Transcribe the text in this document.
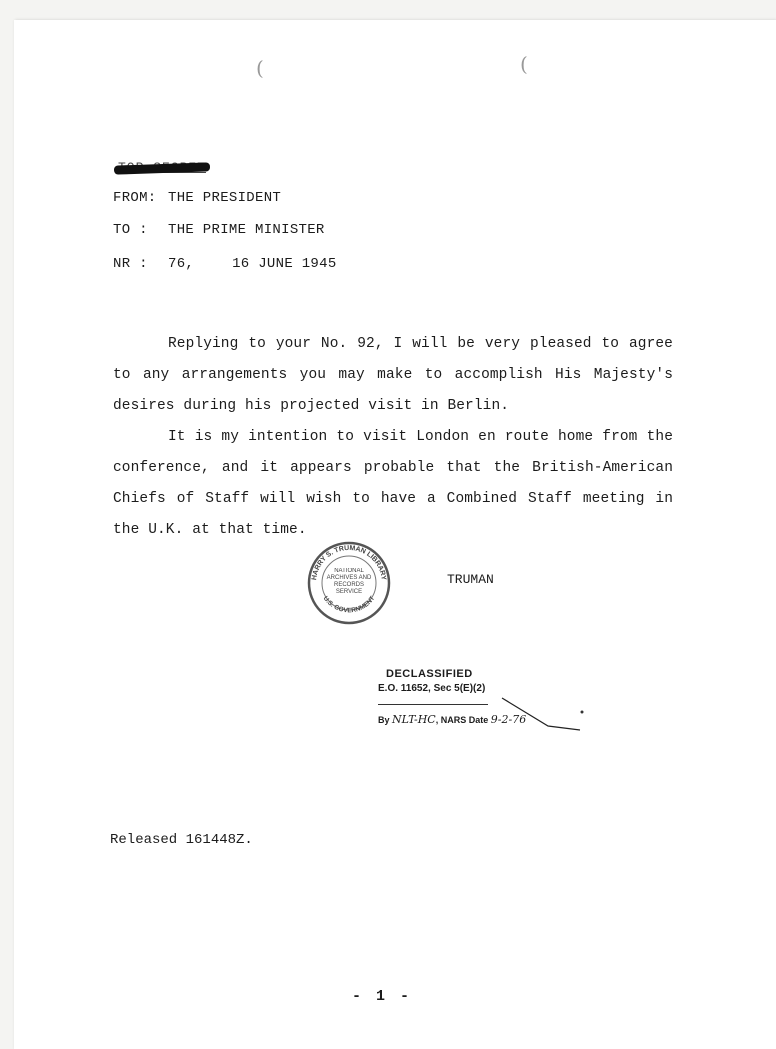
(	(
FROM: THE PRESIDENT
TO : THE PRIME MINISTER
NR : 76,	16 JUNE 1945

Replying to your No. 92, I will be very pleased to agree to any arrangements you may make to accomplish His Majesty's desires during his projected visit in Berlin.

It is my intention to visit London en route home from the conference, and it appears probable that the British-American Chiefs of Staff will wish to have a Combined Staff meeting in the U.K. at that time.

HARRY S. TRUMAN LIBRARY
U.S. GOVERNMENT
NATIONAL ARCHIVES AND RECORDS SERVICE
TRUMAN
DECLASSIFIED
E.O. 11652, Sec 5(E)(2)
By NLT-HC, NARS Date 9-2-76
Released 161448Z.
- 1 -
